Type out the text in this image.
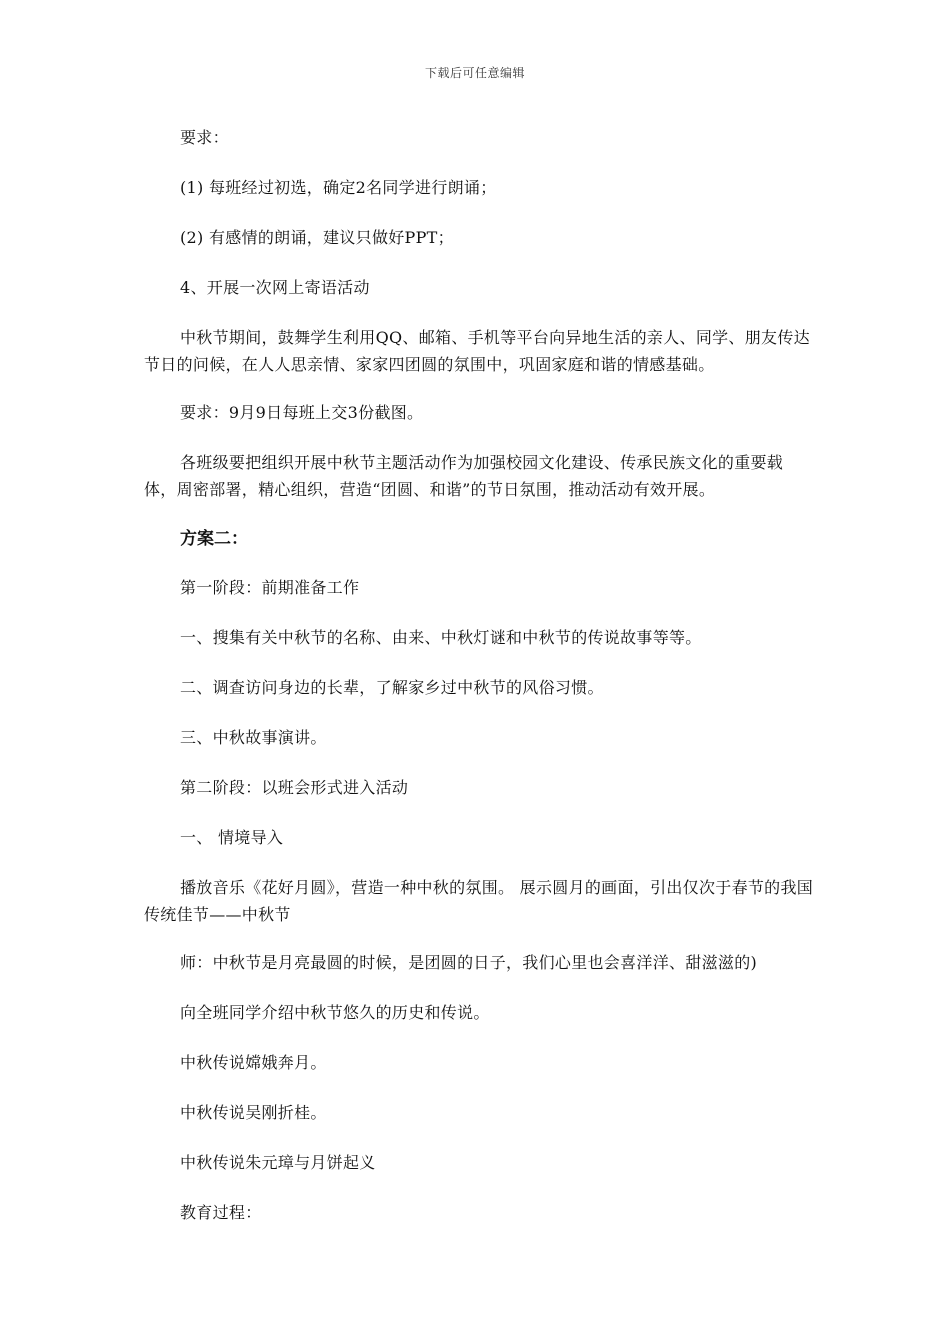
下载后可任意编辑

要求：

(1) 每班经过初选，确定2名同学进行朗诵；

(2) 有感情的朗诵，建议只做好PPT；

4、开展一次网上寄语活动

中秋节期间，鼓舞学生利用QQ、邮箱、手机等平台向异地生活的亲人、同学、朋友传达节日的问候，在人人思亲情、家家四团圆的氛围中，巩固家庭和谐的情感基础。

要求：9月9日每班上交3份截图。

各班级要把组织开展中秋节主题活动作为加强校园文化建设、传承民族文化的重要载体，周密部署，精心组织，营造“团圆、和谐”的节日氛围，推动活动有效开展。

方案二：

第一阶段：前期准备工作

一、搜集有关中秋节的名称、由来、中秋灯谜和中秋节的传说故事等等。

二、调查访问身边的长辈，了解家乡过中秋节的风俗习惯。

三、中秋故事演讲。

第二阶段：以班会形式进入活动

一、 情境导入

播放音乐《花好月圆》，营造一种中秋的氛围。 展示圆月的画面，引出仅次于春节的我国传统佳节——中秋节

师：中秋节是月亮最圆的时候，是团圆的日子，我们心里也会喜洋洋、甜滋滋的)

向全班同学介绍中秋节悠久的历史和传说。

中秋传说嫦娥奔月。

中秋传说吴刚折桂。

中秋传说朱元璋与月饼起义

教育过程：
